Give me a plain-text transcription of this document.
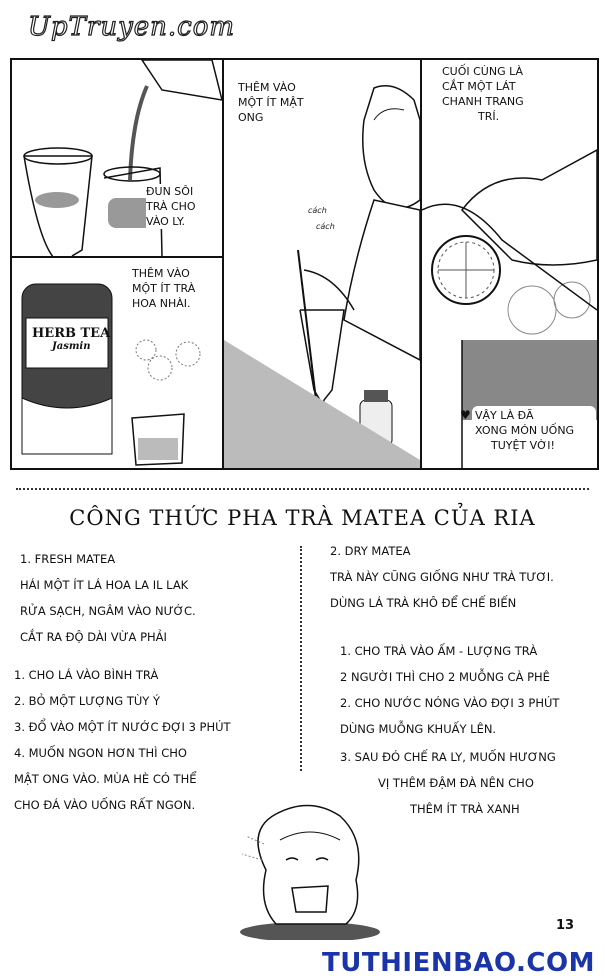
UpTruyen.com
ĐUN SÔI
TRÀ CHO
VÀO LY.
HERB TEA
Jasmin
THÊM VÀO
MỘT ÍT TRÀ
HOA NHÀI.
THÊM VÀO
MỘT ÍT MẬT
ONG
cách
cách
CUỐI CÙNG LÀ
CẮT MỘT LÁT
CHANH TRANG
TRÍ.
VẬY LÀ ĐÃ
XONG MÓN UỐNG
TUYỆT VỜI!
♥
CÔNG THỨC PHA TRÀ MATEA CỦA RIA
1. FRESH MATEA
HÁI MỘT ÍT LÁ HOA LA IL LAK
RỬA SẠCH, NGÂM VÀO NƯỚC.
CẮT RA ĐỘ DÀI VỪA PHẢI
1. CHO LÁ VÀO BÌNH TRÀ
2. BỎ MỘT LƯỢNG TÙY Ý
3. ĐỔ VÀO MỘT ÍT NƯỚC ĐỢI 3 PHÚT
4. MUỐN NGON HƠN THÌ CHO
MẬT ONG VÀO. MÙA HÈ CÓ THỂ
CHO ĐÁ VÀO UỐNG RẤT NGON.
2. DRY MATEA
TRÀ NÀY CŨNG GIỐNG NHƯ TRÀ TƯƠI.
DÙNG LÁ TRÀ KHÔ ĐỂ CHẾ BIẾN
1. CHO TRÀ VÀO ẤM - LƯỢNG TRÀ
2 NGƯỜI THÌ CHO 2 MUỖNG CÀ PHÊ
2. CHO NƯỚC NÓNG VÀO ĐỢI 3 PHÚT
DÙNG MUỖNG KHUẤY LÊN.
3. SAU ĐÓ CHẾ RA LY, MUỐN HƯƠNG
VỊ THÊM ĐẬM ĐÀ NÊN CHO
THÊM ÍT TRÀ XANH
13
TUTHIENBAO.COM
